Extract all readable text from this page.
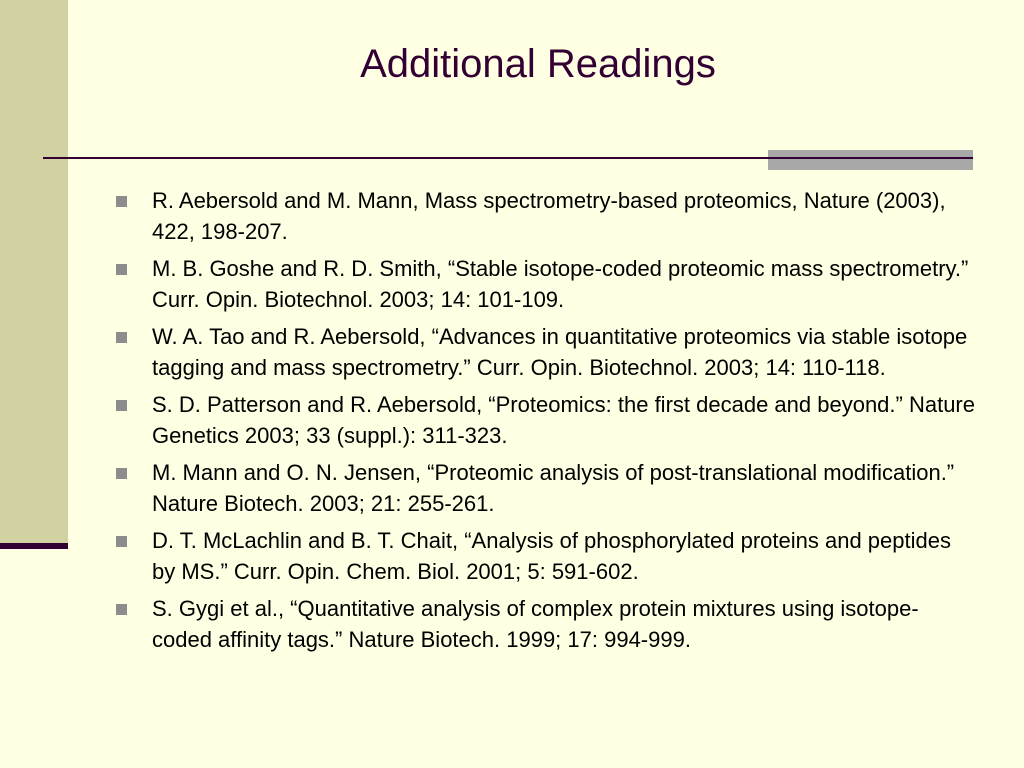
Additional Readings
R. Aebersold and M. Mann, Mass spectrometry-based proteomics, Nature (2003), 422, 198-207.
M. B. Goshe and R. D. Smith, “Stable isotope-coded proteomic mass spectrometry.” Curr. Opin. Biotechnol. 2003; 14: 101-109.
W. A. Tao and R. Aebersold, “Advances in quantitative proteomics via stable isotope tagging and mass spectrometry.” Curr. Opin. Biotechnol. 2003; 14: 110-118.
S. D. Patterson and R. Aebersold, “Proteomics: the first decade and beyond.” Nature Genetics 2003; 33 (suppl.): 311-323.
M. Mann and O. N. Jensen, “Proteomic analysis of post-translational modification.” Nature Biotech. 2003; 21: 255-261.
D. T. McLachlin and B. T. Chait, “Analysis of phosphorylated proteins and peptides by MS.” Curr. Opin. Chem. Biol. 2001; 5: 591-602.
S. Gygi et al., “Quantitative analysis of complex protein mixtures using isotope-coded affinity tags.” Nature Biotech. 1999; 17: 994-999.
